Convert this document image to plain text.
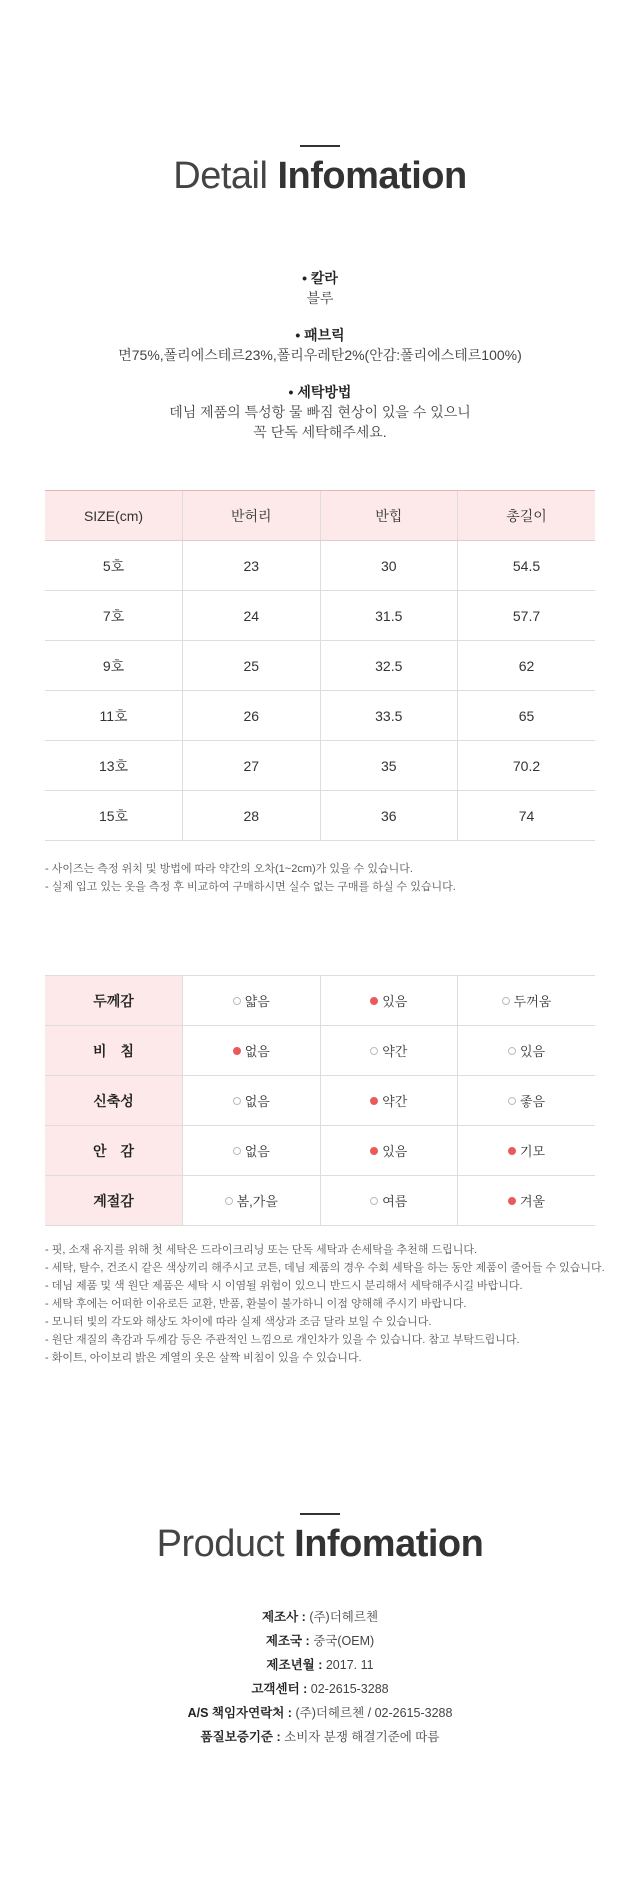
Detail Infomation
• 칼라
블루
• 패브릭
면75%,폴리에스테르23%,폴리우레탄2%(안감:폴리에스테르100%)
• 세탁방법
데님 제품의 특성항 물 빠짐 현상이 있을 수 있으니
꼭 단독 세탁해주세요.
SIZE(cm)	반허리	반힙	총길이
5호	23	30	54.5
7호	24	31.5	57.7
9호	25	32.5	62
11호	26	33.5	65
13호	27	35	70.2
15호	28	36	74
- 사이즈는 측정 위치 및 방법에 따라 약간의 오차(1~2cm)가 있을 수 있습니다.
- 실제 입고 있는 옷을 측정 후 비교하여 구매하시면 실수 없는 구매를 하실 수 있습니다.
두께감	얇음	있음	두꺼움

비　침	없음	약간	있음

신축성	없음	약간	좋음

안　감	없음	있음	기모

계절감	봄,가을	여름	겨울
- 핏, 소재 유지를 위해 첫 세탁은 드라이크리닝 또는 단독 세탁과 손세탁을 추천해 드립니다.
- 세탁, 탈수, 건조시 같은 색상끼리 해주시고 코튼, 데님 제품의 경우 수회 세탁을 하는 동안 제품이 줄어들 수 있습니다.
- 데님 제품 및 색 원단 제품은 세탁 시 이염될 위험이 있으니 반드시 분리해서 세탁해주시길 바랍니다.
- 세탁 후에는 어떠한 이유로든 교환, 반품, 환불이 불가하니 이점 양해해 주시기 바랍니다.
- 모니터 빛의 각도와 해상도 차이에 따라 실제 색상과 조금 달라 보일 수 있습니다.
- 원단 재질의 촉감과 두께감 등은 주관적인 느낌으로 개인차가 있을 수 있습니다. 참고 부탁드립니다.
- 화이트, 아이보리 밝은 계열의 옷은 살짝 비침이 있을 수 있습니다.
Product Infomation
제조사 : (주)더헤르첸
제조국 : 중국(OEM)
제조년월 : 2017. 11
고객센터 : 02-2615-3288
A/S 책임자연락처 : (주)더헤르첸 / 02-2615-3288
품질보증기준 : 소비자 분쟁 해결기준에 따름
